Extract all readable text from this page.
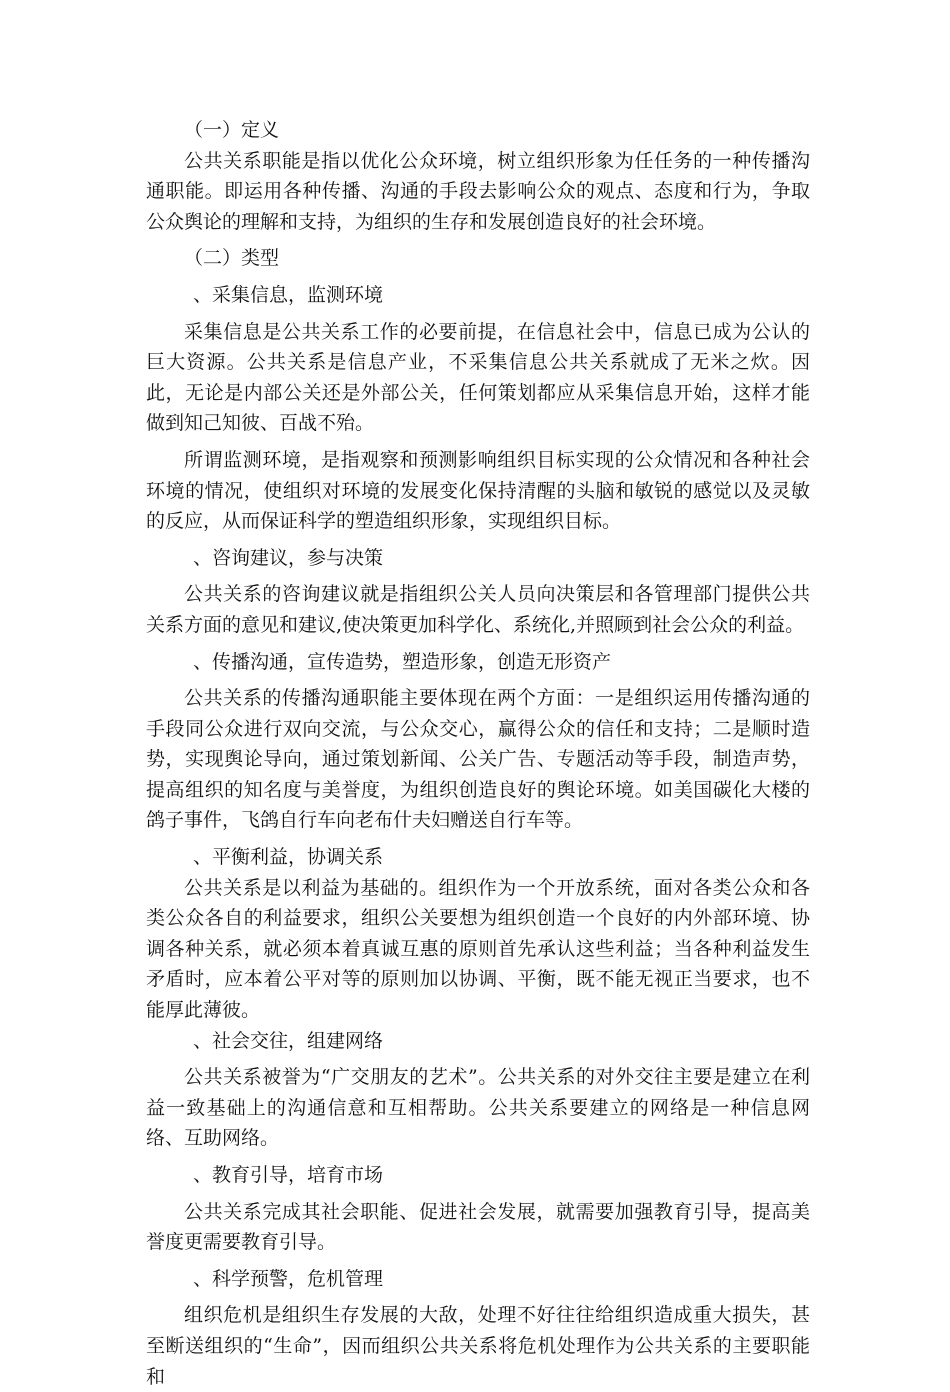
（一）定义

公共关系职能是指以优化公众环境，树立组织形象为任任务的一种传播沟通职能。即运用各种传播、沟通的手段去影响公众的观点、态度和行为，争取公众舆论的理解和支持，为组织的生存和发展创造良好的社会环境。

（二）类型
、采集信息，监测环境

采集信息是公共关系工作的必要前提，在信息社会中，信息已成为公认的巨大资源。公共关系是信息产业，不采集信息公共关系就成了无米之炊。因此，无论是内部公关还是外部公关，任何策划都应从采集信息开始，这样才能做到知己知彼、百战不殆。

所谓监测环境，是指观察和预测影响组织目标实现的公众情况和各种社会环境的情况，使组织对环境的发展变化保持清醒的头脑和敏锐的感觉以及灵敏的反应，从而保证科学的塑造组织形象，实现组织目标。

、咨询建议，参与决策

公共关系的咨询建议就是指组织公关人员向决策层和各管理部门提供公共关系方面的意见和建议,使决策更加科学化、系统化,并照顾到社会公众的利益。

、传播沟通，宣传造势，塑造形象，创造无形资产

公共关系的传播沟通职能主要体现在两个方面：一是组织运用传播沟通的手段同公众进行双向交流，与公众交心，赢得公众的信任和支持；二是顺时造势，实现舆论导向，通过策划新闻、公关广告、专题活动等手段，制造声势，提高组织的知名度与美誉度，为组织创造良好的舆论环境。如美国碳化大楼的鸽子事件，飞鸽自行车向老布什夫妇赠送自行车等。

、平衡利益，协调关系

公共关系是以利益为基础的。组织作为一个开放系统，面对各类公众和各类公众各自的利益要求，组织公关要想为组织创造一个良好的内外部环境、协调各种关系，就必须本着真诚互惠的原则首先承认这些利益；当各种利益发生矛盾时，应本着公平对等的原则加以协调、平衡，既不能无视正当要求，也不能厚此薄彼。

、社会交往，组建网络

公共关系被誉为“广交朋友的艺术”。公共关系的对外交往主要是建立在利益一致基础上的沟通信意和互相帮助。公共关系要建立的网络是一种信息网络、互助网络。

、教育引导，培育市场

公共关系完成其社会职能、促进社会发展，就需要加强教育引导，提高美誉度更需要教育引导。

、科学预警，危机管理

组织危机是组织生存发展的大敌，处理不好往往给组织造成重大损失，甚至断送组织的“生命”，因而组织公共关系将危机处理作为公共关系的主要职能和
